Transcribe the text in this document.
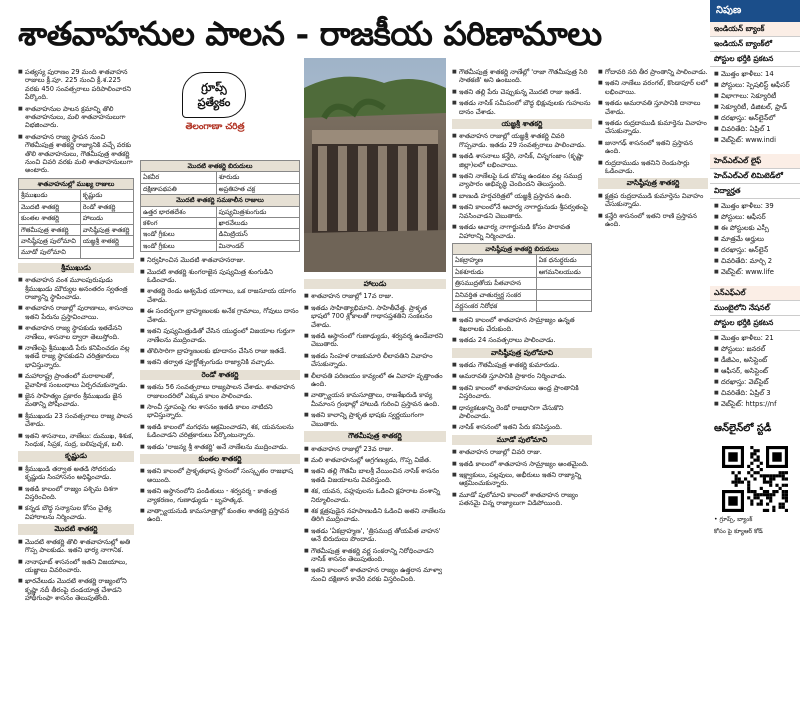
శాతవాహనుల పాలన - రాజకీయ పరిణామాలు
■ పత్యస్య పురాణం 29 మంది శాతవాహన రాజులు క్రీ.పూ. 225 నుంచి క్రీ.శ.225 వరకు 450 సంవత్సరాలు పరిపాలించారని పేర్కొంది.
■ శాతవాహనుల పాలన క్రమాన్ని తొలి శాతవాహనులు, మలి శాతవాహనులుగా విభజించారు.
■ శాతవాహన రాజ్య స్థాపన నుంచి గౌతమీపుత్ర శాతకర్ణి రాజ్యానికి వచ్చే వరకు తొలి శాతవాహనులు, గౌతమీపుత్ర శాతకర్ణి నుంచి చివరి వరకు మలి శాతవాహనులుగా అంటారు.
శాతవాహనుల్లో ముఖ్య రాజులు	
శ్రీముఖుడు	కృష్ణుడు
మొదటి శాతకర్ణి	రెండో శాతకర్ణి
కుంతల శాతకర్ణి	హాలుడు
గౌతమీపుత్ర శాతకర్ణి	వాసిష్ఠీపుత్ర శాతకర్ణి
వాసిష్ఠీపుత్ర పులోమావి	యజ్ఞశ్రీ శాతకర్ణి
మూడో పులోమావి	
శ్రీముఖుడు
■ శాతవాహన వంశ మూలపురుషుడు శ్రీముఖుడు మౌర్యుల అనంతరం స్వతంత్ర రాజ్యాన్ని స్థాపించాడు.
■ శాతవాహన రాజుల్లో పురాణాలు, శాసనాలు ఇతని పేరును ప్రస్తావించాయి.
■ శాతవాహన రాజ్య స్థాపకుడు ఇతడేనని నాణేలు, శాసనాల ద్వారా తెలుస్తోంది.
■ నాణేలపై శ్రీముఖుడి పేరు కనిపించడం వల్ల ఇతడే రాజ్య స్థాపకుడని చరిత్రకారులు భావిస్తున్నారు.
■ మహారాష్ట్ర ప్రాంతంలో మరాఠాలతో, వైవాహిక సంబంధాలు ఏర్పరచుకున్నాడు.
■ జైన సాహిత్యం ప్రకారం శ్రీముఖుడు జైన మతాన్ని పోషించాడు.
■ శ్రీముఖుడు 23 సంవత్సరాలు రాజ్య పాలన చేశాడు.
■ ఇతని శాసనాలు, నాణేలు: దుముఖ, శిశుక, సింధుక, సిప్రక, సుద్ర, బలిపుచ్చక, బలి.
కృష్ణుడు
■ శ్రీముఖుడి తర్వాత అతడి సోదరుడు కృష్ణుడు సింహాసనం అధిష్ఠించాడు.
■ ఇతడి కాలంలో రాజ్యం పశ్చిమ దిశగా విస్తరించింది.
■ కన్నడ బౌద్ధ సన్యాసుల కోసం చైత్య విహారాలను నిర్మించాడు.
మొదటి శాతకర్ణి
■ మొదటి శాతకర్ణి తొలి శాతవాహనుల్లో అతి గొప్ప పాలకుడు. ఇతని భార్య నాగానిక.
■ నానాఘాట్ శాసనంలో ఇతని విజయాలు, యజ్ఞాలు వివరించారు.
■ ఖారవేలుడు మొదటి శాతకర్ణి రాజ్యంలోని కృష్ణా నదీ తీరంపై దండయాత్ర చేశాడని హాథీగుంఫా శాసనం తెలుపుతోంది.
గ్రూప్స్
ప్రత్యేకం
తెలంగాణా చరిత్ర
మొదటి శాతకర్ణి బిరుదులు	
ఏకవీర	శూరుడు
దక్షిణాపథపతి	అప్రతిహత చక్ర
మొదటి శాతకర్ణి సమకాలీన రాజులు	
ఉత్తర భారతదేశం	పుష్యమిత్రశుంగుడు
కళింగ	ఖారవేలుడు
ఇండో గ్రీకులు	డిమిట్రియస్
ఇండో గ్రీకులు	మినాండర్
■ నిర్వహించిన మొదటి శాతవాహనరాజు.
■ మొదటి శాతకర్ణి శుంగరాజైన పుష్యమిత్ర శుంగుడిని ఓడించాడు.
■ శాతకర్ణి రెండు అశ్వమేధ యాగాలు, ఒక రాజసూయ యాగం చేశాడు.
■ ఈ సందర్భంగా బ్రాహ్మణులకు అనేక గ్రామాలు, గోవులు దానం చేశాడు.
■ ఇతని పుష్యమిత్రుడితో చేసిన యుద్ధంలో విజయాల గుర్తుగా నాణేలను ముద్రించాడు.
■ తొలిసారిగా బ్రాహ్మణులకు భూదానం చేసిన రాజు ఇతడే.
■ ఇతని తర్వాత పూర్ణోత్సంగుడు రాజ్యానికి వచ్చాడు.
రెండో శాతకర్ణి
■ ఇతను 56 సంవత్సరాలు రాజ్యపాలన చేశాడు. శాతవాహన రాజులందరిలో ఎక్కువ కాలం పాలించాడు.
■ సాంచీ స్తూపంపై గల శాసనం ఇతడి కాలం నాటిదని భావిస్తున్నారు.
■ ఇతడి కాలంలో మగధను ఆక్రమించాడని, శక, యవనులను ఓడించాడని చరిత్రకారులు పేర్కొంటున్నారు.
■ ఇతడు 'రాజన్య శ్రీ శాతకర్ణి' అనే నాణేలను ముద్రించాడు.
కుంతల శాతకర్ణి
■ ఇతని కాలంలో ప్రాకృతభాష స్థానంలో సంస్కృతం రాజభాష అయింది.
■ ఇతని ఆస్థానంలోని పండితులు - శర్వవర్మ - కాతంత్ర వ్యాకరణం, గుణాఢ్యుడు - బృహత్కథ.
■ వాత్స్యాయనుడి కామసూత్రాల్లో కుంతల శాతకర్ణి ప్రస్తావన ఉంది.
హాలుడు
■ శాతవాహన రాజుల్లో 17వ రాజు.
■ ఇతడు సాహిత్యాభిమాని. సాహితీవేత్త. ప్రాకృత భాషలో 700 శ్లోకాలతో గాథాసప్తశతిని సంకలనం చేశాడు.
■ ఇతడి ఆస్థానంలో గుణాఢ్యుడు, శర్వవర్మ ఉండేవారని చెబుతారు.
■ ఇతడు సింహళ రాజకుమారి లీలావతిని వివాహం చేసుకున్నాడు.
■ లీలావతి పరిణయం కావ్యంలో ఈ వివాహ వృత్తాంతం ఉంది.
■ వాత్స్యాయన కామసూత్రాలు, రాజశేఖరుడి కావ్య మీమాంస గ్రంథాల్లో హాలుడి గురించి ప్రస్తావన ఉంది.
■ ఇతని కాలాన్ని ప్రాకృత భాషకు స్వర్ణయుగంగా చెబుతారు.
గౌతమీపుత్ర శాతకర్ణి
■ శాతవాహన రాజుల్లో 23వ రాజు.
■ మలి శాతవాహనుల్లో అగ్రగణ్యుడు, గొప్ప విజేత.
■ ఇతని తల్లి గౌతమీ బాలశ్రీ వేయించిన నాసిక్ శాసనం ఇతడి విజయాలను వివరిస్తుంది.
■ శక, యవన, పహ్లవులను ఓడించి క్షహరాట వంశాన్ని నిర్మూలించాడు.
■ శక క్షత్రపుడైన నహపాణుడిని ఓడించి అతని నాణేలను తిరిగి ముద్రించాడు.
■ ఇతడు 'ఏకబ్రాహ్మణ', 'త్రిసముద్ర తోయపీత వాహన' అనే బిరుదులు పొందాడు.
■ గౌతమీపుత్ర శాతకర్ణి వర్ణ సంకరాన్ని నిరోధించాడని నాసిక్ శాసనం తెలుపుతుంది.
■ ఇతని కాలంలో శాతవాహన రాజ్యం ఉత్తరాన మాళ్వా నుంచి దక్షిణాన కావేరి వరకు విస్తరించింది.
■ గౌతమీపుత్ర శాతకర్ణి నాణేల్లో 'రాజా గౌతమీపుత్ర సిరి సాతకణి' అని ఉంటుంది.
■ ఇతని తల్లి పేరు చెప్పుకున్న మొదటి రాజు ఇతడే.
■ ఇతడు నాసిక్ సమీపంలో బౌద్ధ భిక్షువులకు గుహలను దానం చేశాడు.
యజ్ఞశ్రీ శాతకర్ణి
■ శాతవాహన రాజుల్లో యజ్ఞశ్రీ శాతకర్ణి చివరి గొప్పవాడు. ఇతడు 29 సంవత్సరాలు పాలించాడు.
■ ఇతడి శాసనాలు కన్హేరి, నాసిక్, చిన్నగంజాం (కృష్ణా జిల్లా)లలో లభించాయి.
■ ఇతని నాణేలపై ఓడ బొమ్మ ఉండటం వల్ల సముద్ర వ్యాపారం అభివృద్ధి చెందిందని తెలుస్తుంది.
■ బాణుడి హర్షచరిత్రలో యజ్ఞశ్రీ ప్రస్తావన ఉంది.
■ ఇతని కాలంలోనే ఆచార్య నాగార్జునుడు శ్రీపర్వతంపై నివసించాడని చెబుతారు.
■ ఇతడు ఆచార్య నాగార్జునుడి కోసం పారావత విహారాన్ని నిర్మించాడు.
వాసిష్ఠీపుత్ర శాతకర్ణి బిరుదులు	
ఏకబ్రాహ్మణ	ఏక ధనుర్ధరుడు
ఏకశూరుడు	ఆగమనిలయుడు
త్రిసముద్రతోయ పీతవాహన	
వినివర్తిత చాతుర్వర్ణ సంకర	
వర్ణసంకర నిరోధక	
■ ఇతని కాలంలో శాతవాహన సామ్రాజ్యం ఉన్నత శిఖరాలకు చేరుకుంది.
■ ఇతడు 24 సంవత్సరాలు పాలించాడు.
వాసిష్ఠీపుత్ర పులోమావి
■ ఇతడు గౌతమీపుత్ర శాతకర్ణి కుమారుడు.
■ అమరావతి స్తూపానికి ప్రాకారం నిర్మించాడు.
■ ఇతని కాలంలో శాతవాహనులు ఆంధ్ర ప్రాంతానికి విస్తరించారు.
■ ధాన్యకటకాన్ని రెండో రాజధానిగా చేసుకొని పాలించాడు.
■ నాసిక్ శాసనంలో ఇతని పేరు కనిపిస్తుంది.
మూడో పులోమావి
■ శాతవాహన రాజుల్లో చివరి రాజు.
■ ఇతడి కాలంలో శాతవాహన సామ్రాజ్యం అంతమైంది.
■ ఇక్ష్వాకులు, పల్లవులు, అభీరులు ఇతని రాజ్యాన్ని ఆక్రమించుకున్నారు.
■ మూడో పులోమావి కాలంలో శాతవాహన రాజ్యం పతనమై చిన్న రాజ్యాలుగా విడిపోయింది.
■ గోదావరి నది తీర ప్రాంతాన్ని పాలించాడు.
■ ఇతని నాణేలు వరంగల్, కొండాపూర్ లలో లభించాయి.
■ ఇతడు అమరావతి స్తూపానికి దానాలు చేశాడు.
■ ఇతడు రుద్రదాముడి కుమార్తెను వివాహం చేసుకున్నాడు.
■ జునాగఢ్ శాసనంలో ఇతని ప్రస్తావన ఉంది.
■ రుద్రదాముడు ఇతనిని రెండుసార్లు ఓడించాడు.
వాసిష్ఠీపుత్ర శాతకర్ణి
■ క్షత్రప రుద్రదాముడి కుమార్తెను వివాహం చేసుకున్నాడు.
■ కన్హేరి శాసనంలో ఇతని రాణి ప్రస్తావన ఉంది.
నిపుణ
ఇండియన్ బ్యాంక్
ఇండియన్ బ్యాంక్‌లో
పోస్టుల భర్తీకి ప్రకటన
■ మొత్తం ఖాళీలు: 14
■ పోస్టులు: స్పెషలిస్ట్ ఆఫీసర్
■ విభాగాలు: సెక్యూరిటీ
■ సెక్యూరిటీ, డిజిటల్, ఫ్రాడ్
■ దరఖాస్తు: ఆన్‌లైన్‌లో
■ చివరితేది: ఏప్రిల్ 1
■ వెబ్‌సైట్: www.indi
హెచ్‌ఎల్‌ఎల్ లైఫ్
హెచ్‌ఎల్‌ఎల్ లిమిటెడ్‌లో
విద్యార్హత
■ మొత్తం ఖాళీలు: 39
■ పోస్టులు: ఆఫీసర్
■ ఈ పోస్టులకు ఎస్సీ
■ మాత్రమే అర్హులు
■ దరఖాస్తు: ఆన్‌లైన్
■ చివరితేది: మార్చి 2
■ వెబ్‌సైట్: www.life
ఎన్‌ఎఫ్‌ఎల్
ముంబైలోని నేషనల్
పోస్టుల భర్తీకి ప్రకటన
■ మొత్తం ఖాళీలు: 21
■ పోస్టులు: జనరల్
■ డీజీఎం, అసిస్టెంట్
■ ఆఫీసర్, అసిస్టెంట్
■ దరఖాస్తు: వెబ్‌సైట్
■ చివరితేది: ఏప్రిల్ 3
■ వెబ్‌సైట్: https://nf
ఆన్‌లైన్‌లో స్టడీ
• గ్రూప్స్, బ్యాంక్
కోసం పై క్యూఆర్ కోడ్
